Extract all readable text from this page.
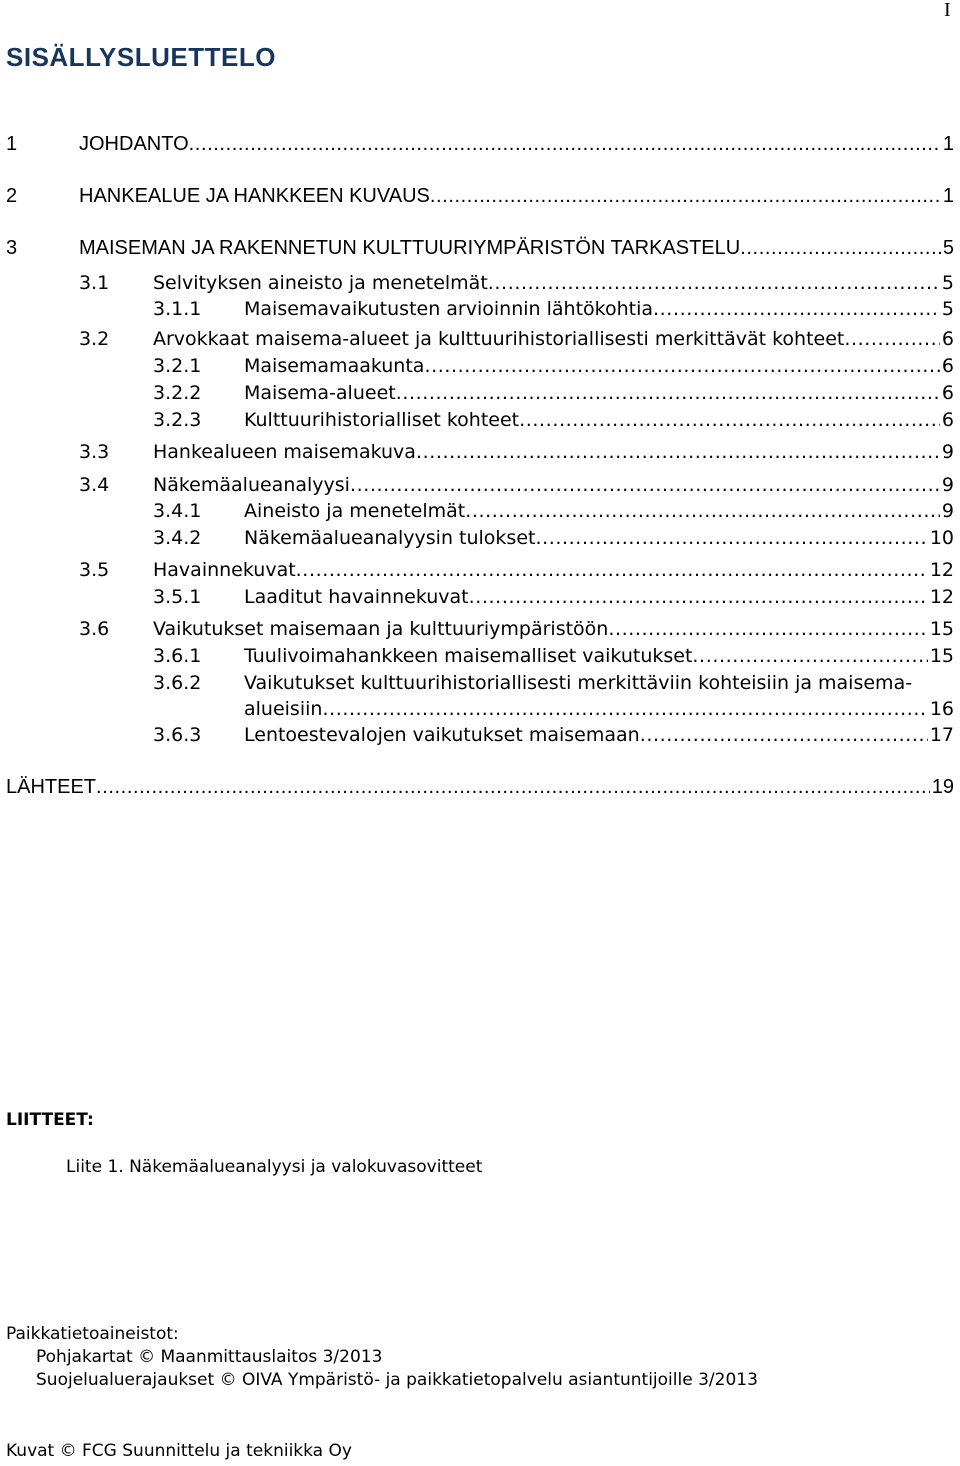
I
SISÄLLYSLUETTELO
1	JOHDANTO .....	1
2	HANKEALUE JA HANKKEEN KUVAUS .....	1
3	MAISEMAN JA RAKENNETUN KULTTUURIYMPÄRISTÖN TARKASTELU .....	5
3.1 Selvityksen aineisto ja menetelmät .....	5
3.1.1 Maisemavaikutusten arvioinnin lähtökohtia .....	5
3.2 Arvokkaat maisema-alueet ja kulttuurihistoriallisesti merkittävät kohteet .....	6
3.2.1 Maisemamaakunta .....	6
3.2.2 Maisema-alueet .....	6
3.2.3 Kulttuurihistorialliset kohteet .....	6
3.3 Hankealueen maisemakuva .....	9
3.4 Näkemäalueanalyysi .....	9
3.4.1 Aineisto ja menetelmät .....	9
3.4.2 Näkemäalueanalyysin tulokset .....	10
3.5 Havainnekuvat .....	12
3.5.1 Laaditut havainnekuvat .....	12
3.6 Vaikutukset maisemaan ja kulttuuriympäristöön .....	15
3.6.1 Tuulivoimahankkeen maisemalliset vaikutukset .....	15
3.6.2 Vaikutukset kulttuurihistoriallisesti merkittäviin kohteisiin ja maisema-alueisiin .....	16
3.6.3 Lentoestevalojen vaikutukset maisemaan .....	17
LÄHTEET .....	19
LIITTEET:
Liite 1. Näkemäalueanalyysi ja valokuvasovitteet
Paikkatietoaineistot:
Pohjakartat © Maanmittauslaitos 3/2013
Suojelualuerajaukset © OIVA Ympäristö- ja paikkatietopalvelu asiantuntijoille 3/2013
Kuvat © FCG Suunnittelu ja tekniikka Oy
